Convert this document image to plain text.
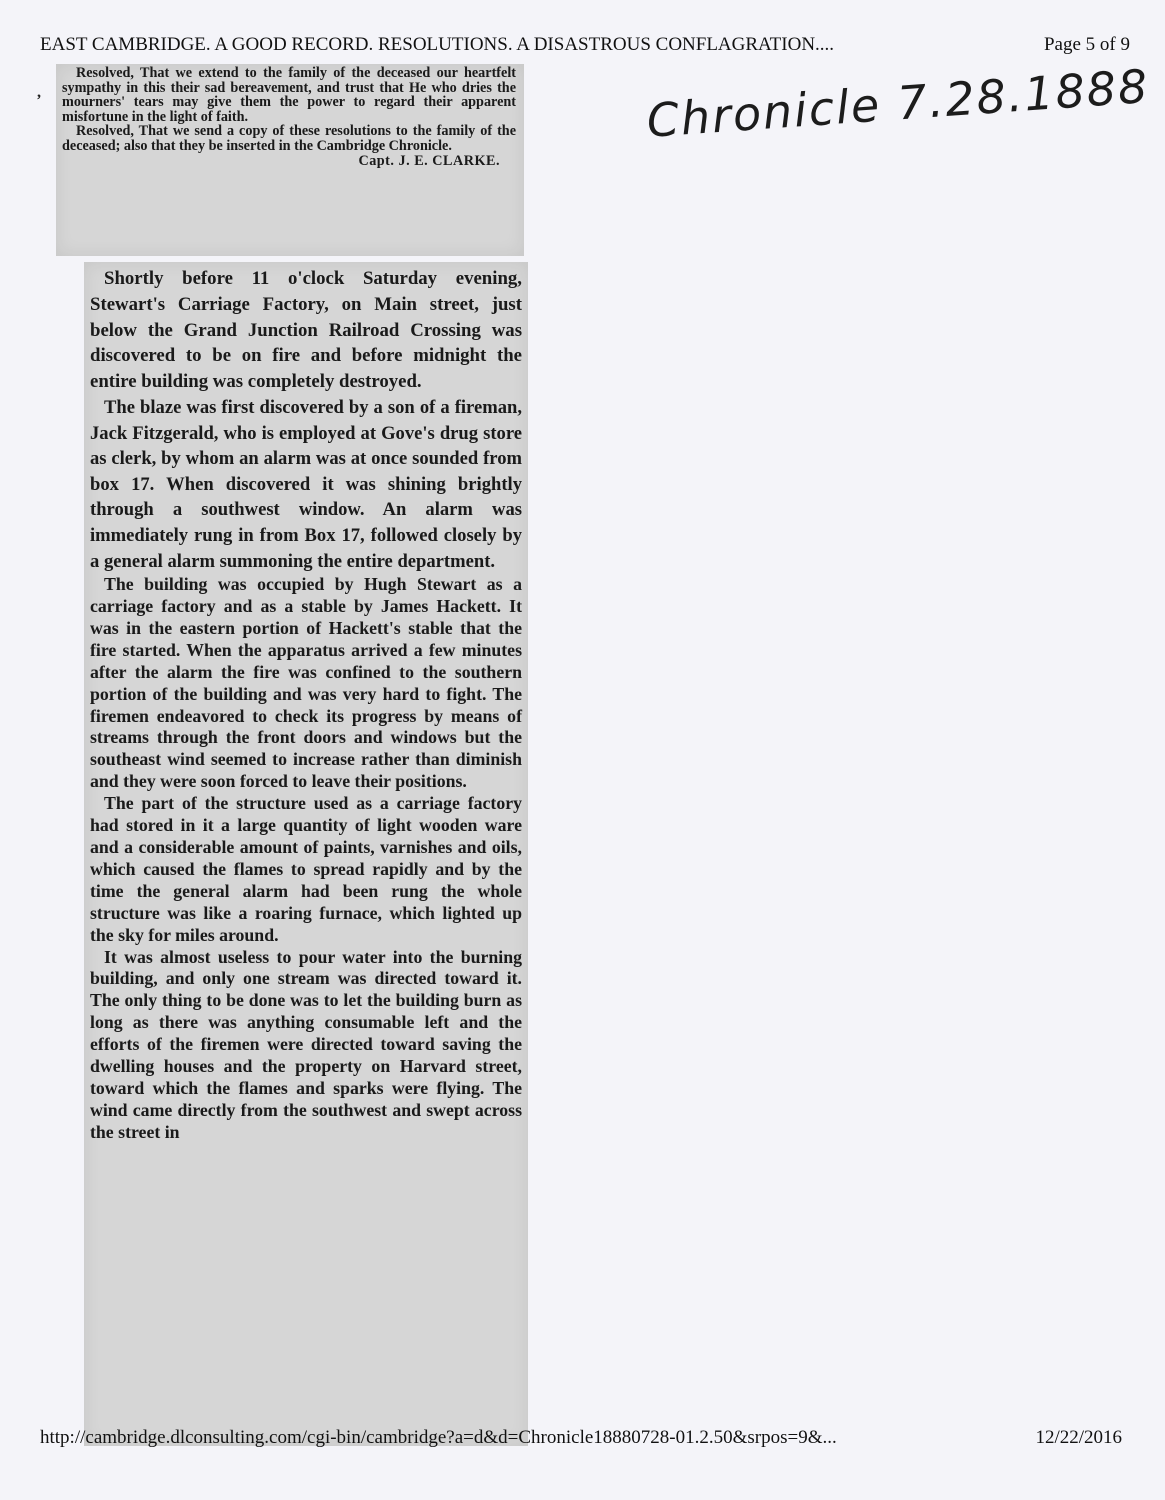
EAST CAMBRIDGE. A GOOD RECORD. RESOLUTIONS. A DISASTROUS CONFLAGRATION....	Page 5 of 9
,	Chronicle 7.28.1888

Resolved, That we extend to the family of the deceased our heartfelt sympathy in this their sad bereavement, and trust that He who dries the mourners' tears may give them the power to regard their apparent misfortune in the light of faith.

Resolved, That we send a copy of these resolutions to the family of the deceased; also that they be inserted in the Cambridge Chronicle.

Capt. J. E. CLARKE.

Shortly before 11 o'clock Saturday evening, Stewart's Carriage Factory, on Main street, just below the Grand Junction Railroad Crossing was discovered to be on fire and before midnight the entire building was completely destroyed.

The blaze was first discovered by a son of a fireman, Jack Fitzgerald, who is employed at Gove's drug store as clerk, by whom an alarm was at once sounded from box 17. When discovered it was shining brightly through a southwest window. An alarm was immediately rung in from Box 17, followed closely by a general alarm summoning the entire department.

The building was occupied by Hugh Stewart as a carriage factory and as a stable by James Hackett. It was in the eastern portion of Hackett's stable that the fire started. When the apparatus arrived a few minutes after the alarm the fire was confined to the southern portion of the building and was very hard to fight. The firemen endeavored to check its progress by means of streams through the front doors and windows but the southeast wind seemed to increase rather than diminish and they were soon forced to leave their positions.

The part of the structure used as a carriage factory had stored in it a large quantity of light wooden ware and a considerable amount of paints, varnishes and oils, which caused the flames to spread rapidly and by the time the general alarm had been rung the whole structure was like a roaring furnace, which lighted up the sky for miles around.

It was almost useless to pour water into the burning building, and only one stream was directed toward it. The only thing to be done was to let the building burn as long as there was anything consumable left and the efforts of the firemen were directed toward saving the dwelling houses and the property on Harvard street, toward which the flames and sparks were flying. The wind came directly from the southwest and swept across the street in

http://cambridge.dlconsulting.com/cgi-bin/cambridge?a=d&d=Chronicle18880728-01.2.50&srpos=9&...	12/22/2016
